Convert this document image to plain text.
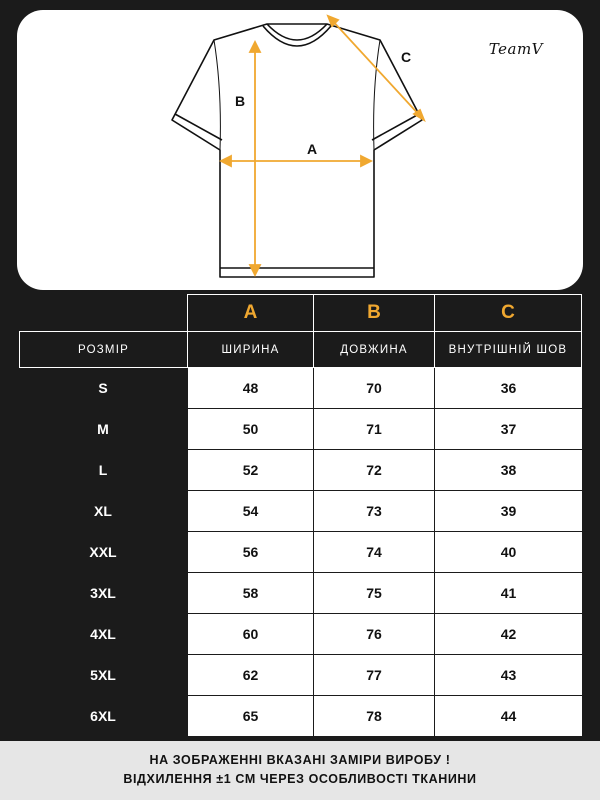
B
A
C	TeamV
	A	B	C
РОЗМІР	ШИРИНА	ДОВЖИНА	ВНУТРІШНІЙ ШОВ
S	48	70	36
M	50	71	37
L	52	72	38
XL	54	73	39
XXL	56	74	40
3XL	58	75	41
4XL	60	76	42
5XL	62	77	43
6XL	65	78	44
НА ЗОБРАЖЕННІ ВКАЗАНІ ЗАМІРИ ВИРОБУ !
ВІДХИЛЕННЯ ±1 СМ ЧЕРЕЗ ОСОБЛИВОСТІ ТКАНИНИ
